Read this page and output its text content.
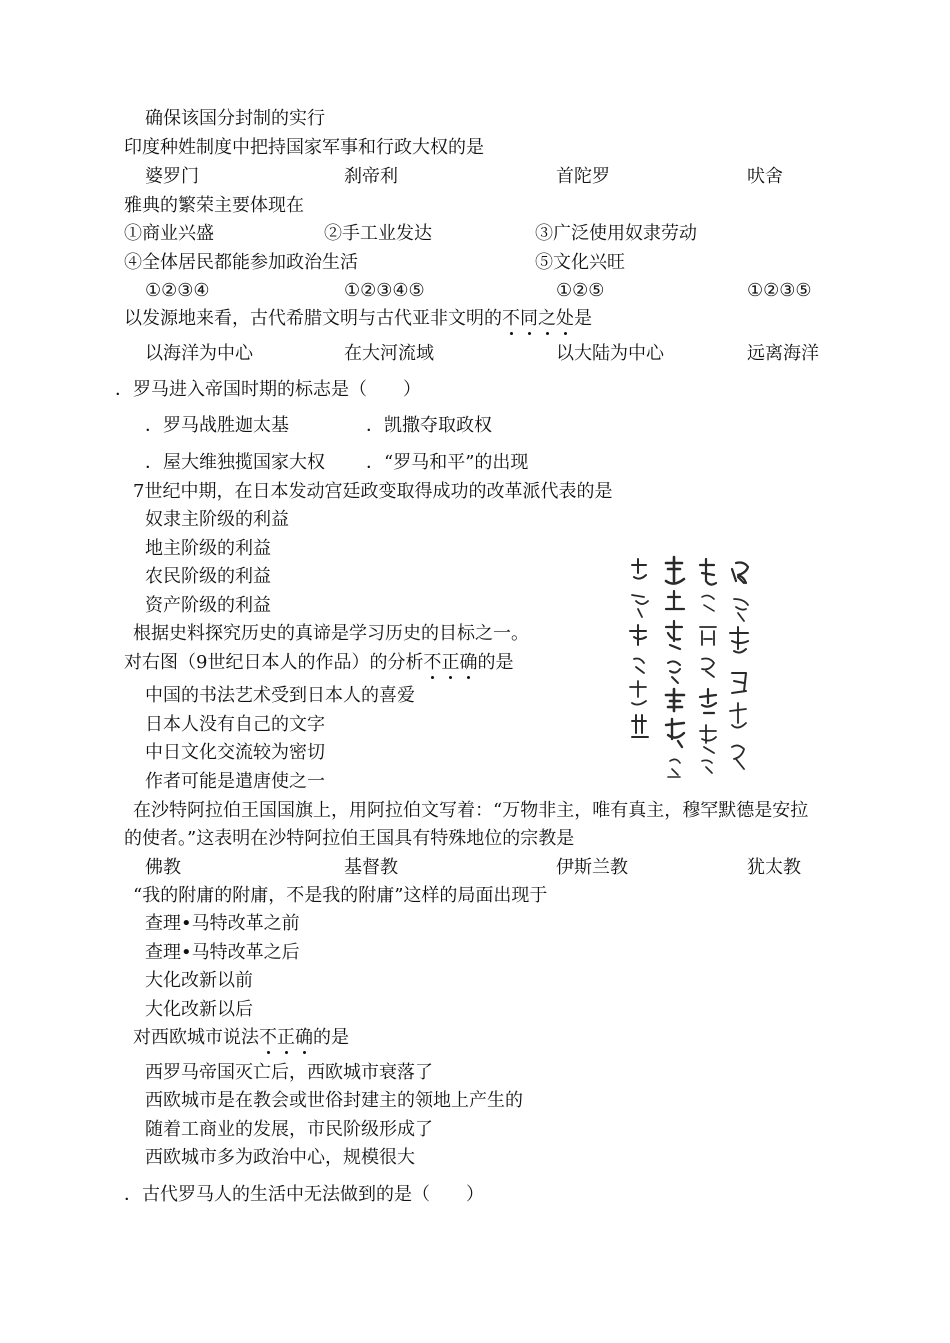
确保该国分封制的实行
印度种姓制度中把持国家军事和行政大权的是
婆罗门	刹帝利	首陀罗	吠舍
雅典的繁荣主要体现在
①商业兴盛	②手工业发达	③广泛使用奴隶劳动
④全体居民都能参加政治生活	⑤文化兴旺
①②③④	①②③④⑤	①②⑤	①②③⑤
以发源地来看，古代希腊文明与古代亚非文明的不同之处是
以海洋为中心	在大河流域	以大陆为中心	远离海洋
．罗马进入帝国时期的标志是（　　）
．罗马战胜迦太基	．凯撒夺取政权
．屋大维独揽国家大权 ．“罗马和平”的出现
7世纪中期，在日本发动宫廷政变取得成功的改革派代表的是
奴隶主阶级的利益
地主阶级的利益
农民阶级的利益
资产阶级的利益
根据史料探究历史的真谛是学习历史的目标之一。
对右图（9世纪日本人的作品）的分析不正确的是
中国的书法艺术受到日本人的喜爱
日本人没有自己的文字
中日文化交流较为密切
作者可能是遣唐使之一
在沙特阿拉伯王国国旗上，用阿拉伯文写着：“万物非主，唯有真主，穆罕默德是安拉
的使者。”这表明在沙特阿拉伯王国具有特殊地位的宗教是
佛教	基督教	伊斯兰教	犹太教
“我的附庸的附庸，不是我的附庸”这样的局面出现于
查理•马特改革之前
查理•马特改革之后
大化改新以前
大化改新以后
对西欧城市说法不正确的是
西罗马帝国灭亡后，西欧城市衰落了
西欧城市是在教会或世俗封建主的领地上产生的
随着工商业的发展，市民阶级形成了
西欧城市多为政治中心，规模很大
．古代罗马人的生活中无法做到的是（　　）
